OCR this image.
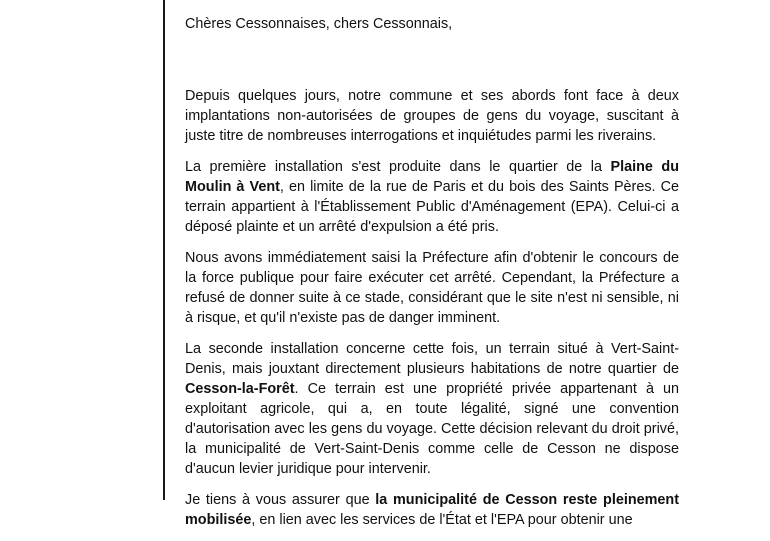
Chères Cessonnaises, chers Cessonnais,

Depuis quelques jours, notre commune et ses abords font face à deux implantations non-autorisées de groupes de gens du voyage, suscitant à juste titre de nombreuses interrogations et inquiétudes parmi les riverains.

La première installation s'est produite dans le quartier de la Plaine du Moulin à Vent, en limite de la rue de Paris et du bois des Saints Pères. Ce terrain appartient à l'Établissement Public d'Aménagement (EPA). Celui-ci a déposé plainte et un arrêté d'expulsion a été pris.

Nous avons immédiatement saisi la Préfecture afin d'obtenir le concours de la force publique pour faire exécuter cet arrêté. Cependant, la Préfecture a refusé de donner suite à ce stade, considérant que le site n'est ni sensible, ni à risque, et qu'il n'existe pas de danger imminent.

La seconde installation concerne cette fois, un terrain situé à Vert-Saint-Denis, mais jouxtant directement plusieurs habitations de notre quartier de Cesson-la-Forêt. Ce terrain est une propriété privée appartenant à un exploitant agricole, qui a, en toute légalité, signé une convention d'autorisation avec les gens du voyage. Cette décision relevant du droit privé, la municipalité de Vert-Saint-Denis comme celle de Cesson ne dispose d'aucun levier juridique pour intervenir.

Je tiens à vous assurer que la municipalité de Cesson reste pleinement mobilisée, en lien avec les services de l'État et l'EPA pour obtenir une
